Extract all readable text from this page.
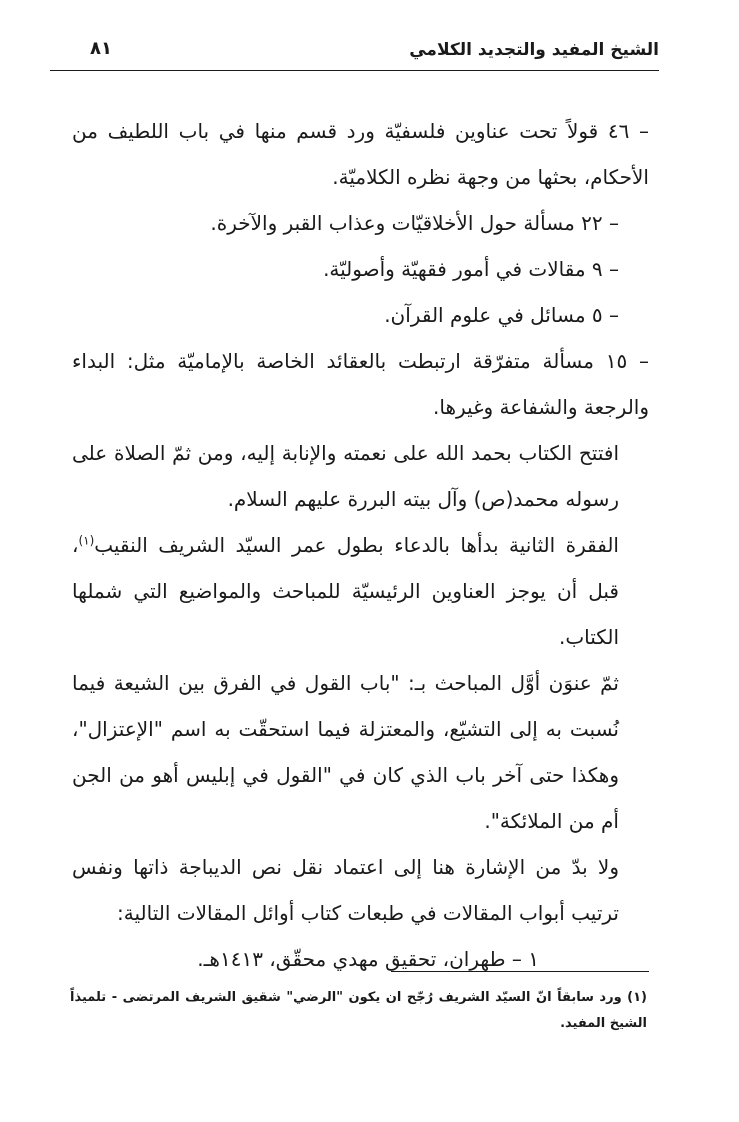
الشيخ المفيد والتجديد الكلامي
٨١

– ٤٦ قولاً تحت عناوين فلسفيّة ورد قسم منها في باب اللطيف من الأحكام، بحثها من وجهة نظره الكلاميّة.

– ٢٢ مسألة حول الأخلاقيّات وعذاب القبر والآخرة.

– ٩ مقالات في أمور فقهيّة وأصوليّة.

– ٥ مسائل في علوم القرآن.

– ١٥ مسألة متفرّقة ارتبطت بالعقائد الخاصة بالإماميّة مثل: البداء والرجعة والشفاعة وغيرها.

افتتح الكتاب بحمد الله على نعمته والإنابة إليه، ومن ثمّ الصلاة على رسوله محمد(ص) وآل بيته البررة عليهم السلام.

الفقرة الثانية بدأها بالدعاء بطول عمر السيّد الشريف النقيب$^{(١)}$، قبل أن يوجز العناوين الرئيسيّة للمباحث والمواضيع التي شملها الكتاب.

ثمّ عنوَن أوَّل المباحث بـ: "باب القول في الفرق بين الشيعة فيما نُسبت به إلى التشيّع، والمعتزلة فيما استحقّت به اسم "الإعتزال"، وهكذا حتى آخر باب الذي كان في "القول في إبليس أهو من الجن أم من الملائكة".

ولا بدّ من الإشارة هنا إلى اعتماد نقل نص الديباجة ذاتها ونفس ترتيب أبواب المقالات في طبعات كتاب أوائل المقالات التالية:

١ – طهران، تحقيق مهدي محقّق، ١٤١٣هـ.

(١) ورد سابقاً انّ السيّد الشريف رُجّح ان يكون "الرضي" شقيق الشريف المرتضى - تلميذاً الشيخ المفيد.
